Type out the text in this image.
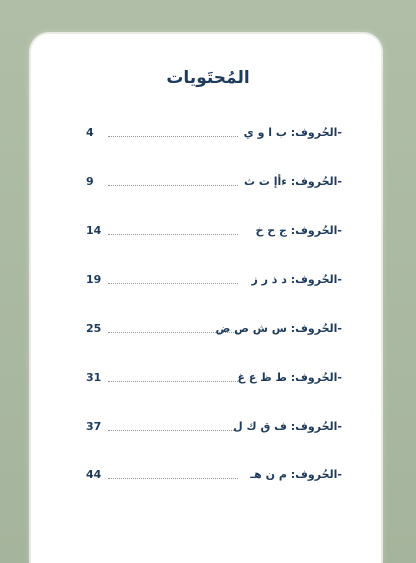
المُحتَويات
4	-الحُروف: ب ا و ي
9	-الحُروف: ءأإ ت ث
14	-الحُروف: ج ح خ
19	-الحُروف: د ذ ر ز
25	-الحُروف: س ش ص ض
31	-الحُروف: ط ظ ع غ
37	-الحُروف: ف ق ك ل
44	-الحُروف: م ن هـ
